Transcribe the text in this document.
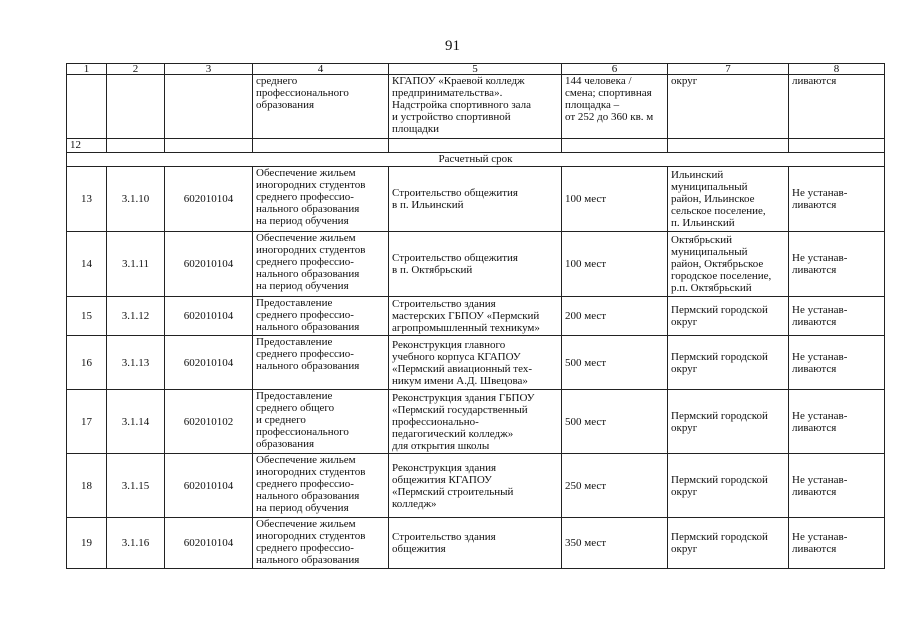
91
1	2	3	4	5	6	7	8
			среднего
профессионального
образования	КГАПОУ «Краевой колледж
предпринимательства».
Надстройка спортивного зала
и устройство спортивной
площадки	144 человека /
смена; спортивная
площадка –
от 252 до 360 кв. м	округ	ливаются
12							
Расчетный срок							
13	3.1.10	602010104	Обеспечение жильем
иногородних студентов
среднего профессио-
нального образования
на период обучения	Строительство общежития
в п. Ильинский	100 мест	Ильинский
муниципальный
район, Ильинское
сельское поселение,
п. Ильинский	Не устанав-
ливаются
14	3.1.11	602010104	Обеспечение жильем
иногородних студентов
среднего профессио-
нального образования
на период обучения	Строительство общежития
в п. Октябрьский	100 мест	Октябрьский
муниципальный
район, Октябрьское
городское поселение,
р.п. Октябрьский	Не устанав-
ливаются
15	3.1.12	602010104	Предоставление
среднего профессио-
нального образования	Строительство здания
мастерских ГБПОУ «Пермский
агропромышленный техникум»	200 мест	Пермский городской
округ	Не устанав-
ливаются
16	3.1.13	602010104	Предоставление
среднего профессио-
нального образования	Реконструкция главного
учебного корпуса КГАПОУ
«Пермский авиационный тех-
никум имени А.Д. Швецова»	500 мест	Пермский городской
округ	Не устанав-
ливаются
17	3.1.14	602010102	Предоставление
среднего общего
и среднего
профессионального
образования	Реконструкция здания ГБПОУ
«Пермский государственный
профессионально-
педагогический колледж»
для открытия школы	500 мест	Пермский городской
округ	Не устанав-
ливаются
18	3.1.15	602010104	Обеспечение жильем
иногородних студентов
среднего профессио-
нального образования
на период обучения	Реконструкция здания
общежития КГАПОУ
«Пермский строительный
колледж»	250 мест	Пермский городской
округ	Не устанав-
ливаются
19	3.1.16	602010104	Обеспечение жильем
иногородних студентов
среднего профессио-
нального образования	Строительство здания
общежития	350 мест	Пермский городской
округ	Не устанав-
ливаются
